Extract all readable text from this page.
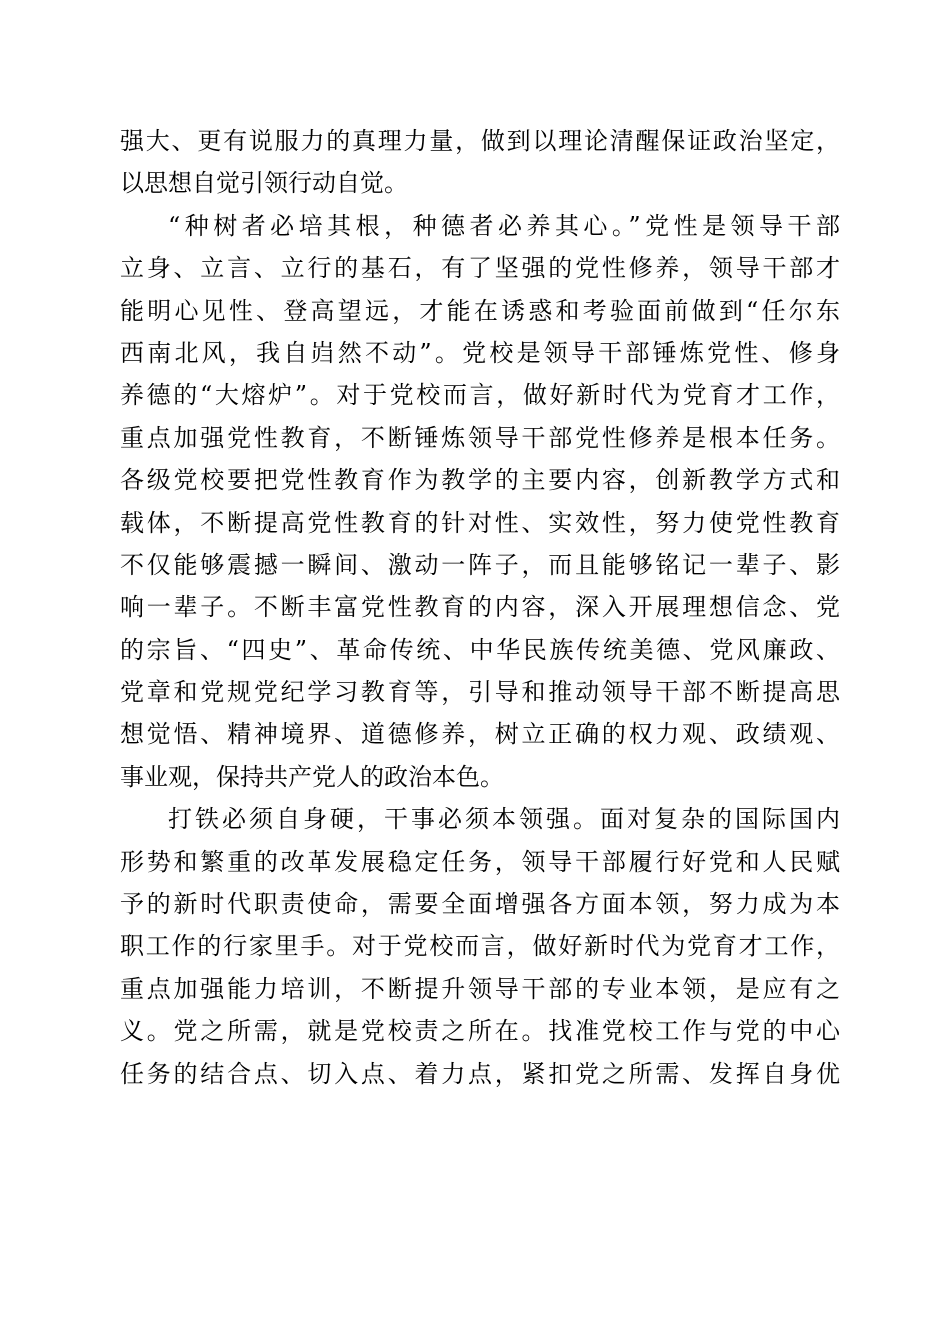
强大、更有说服力的真理力量，做到以理论清醒保证政治坚定，
以思想自觉引领行动自觉。
“种树者必培其根，种德者必养其心。”党性是领导干部
立身、立言、立行的基石，有了坚强的党性修养，领导干部才
能明心见性、登高望远，才能在诱惑和考验面前做到“任尔东
西南北风，我自岿然不动”。党校是领导干部锤炼党性、修身
养德的“大熔炉”。对于党校而言，做好新时代为党育才工作，
重点加强党性教育，不断锤炼领导干部党性修养是根本任务。
各级党校要把党性教育作为教学的主要内容，创新教学方式和
载体，不断提高党性教育的针对性、实效性，努力使党性教育
不仅能够震撼一瞬间、激动一阵子，而且能够铭记一辈子、影
响一辈子。不断丰富党性教育的内容，深入开展理想信念、党
的宗旨、“四史”、革命传统、中华民族传统美德、党风廉政、
党章和党规党纪学习教育等，引导和推动领导干部不断提高思
想觉悟、精神境界、道德修养，树立正确的权力观、政绩观、
事业观，保持共产党人的政治本色。
打铁必须自身硬，干事必须本领强。面对复杂的国际国内
形势和繁重的改革发展稳定任务，领导干部履行好党和人民赋
予的新时代职责使命，需要全面增强各方面本领，努力成为本
职工作的行家里手。对于党校而言，做好新时代为党育才工作，
重点加强能力培训，不断提升领导干部的专业本领，是应有之
义。党之所需，就是党校责之所在。找准党校工作与党的中心
任务的结合点、切入点、着力点，紧扣党之所需、发挥自身优
